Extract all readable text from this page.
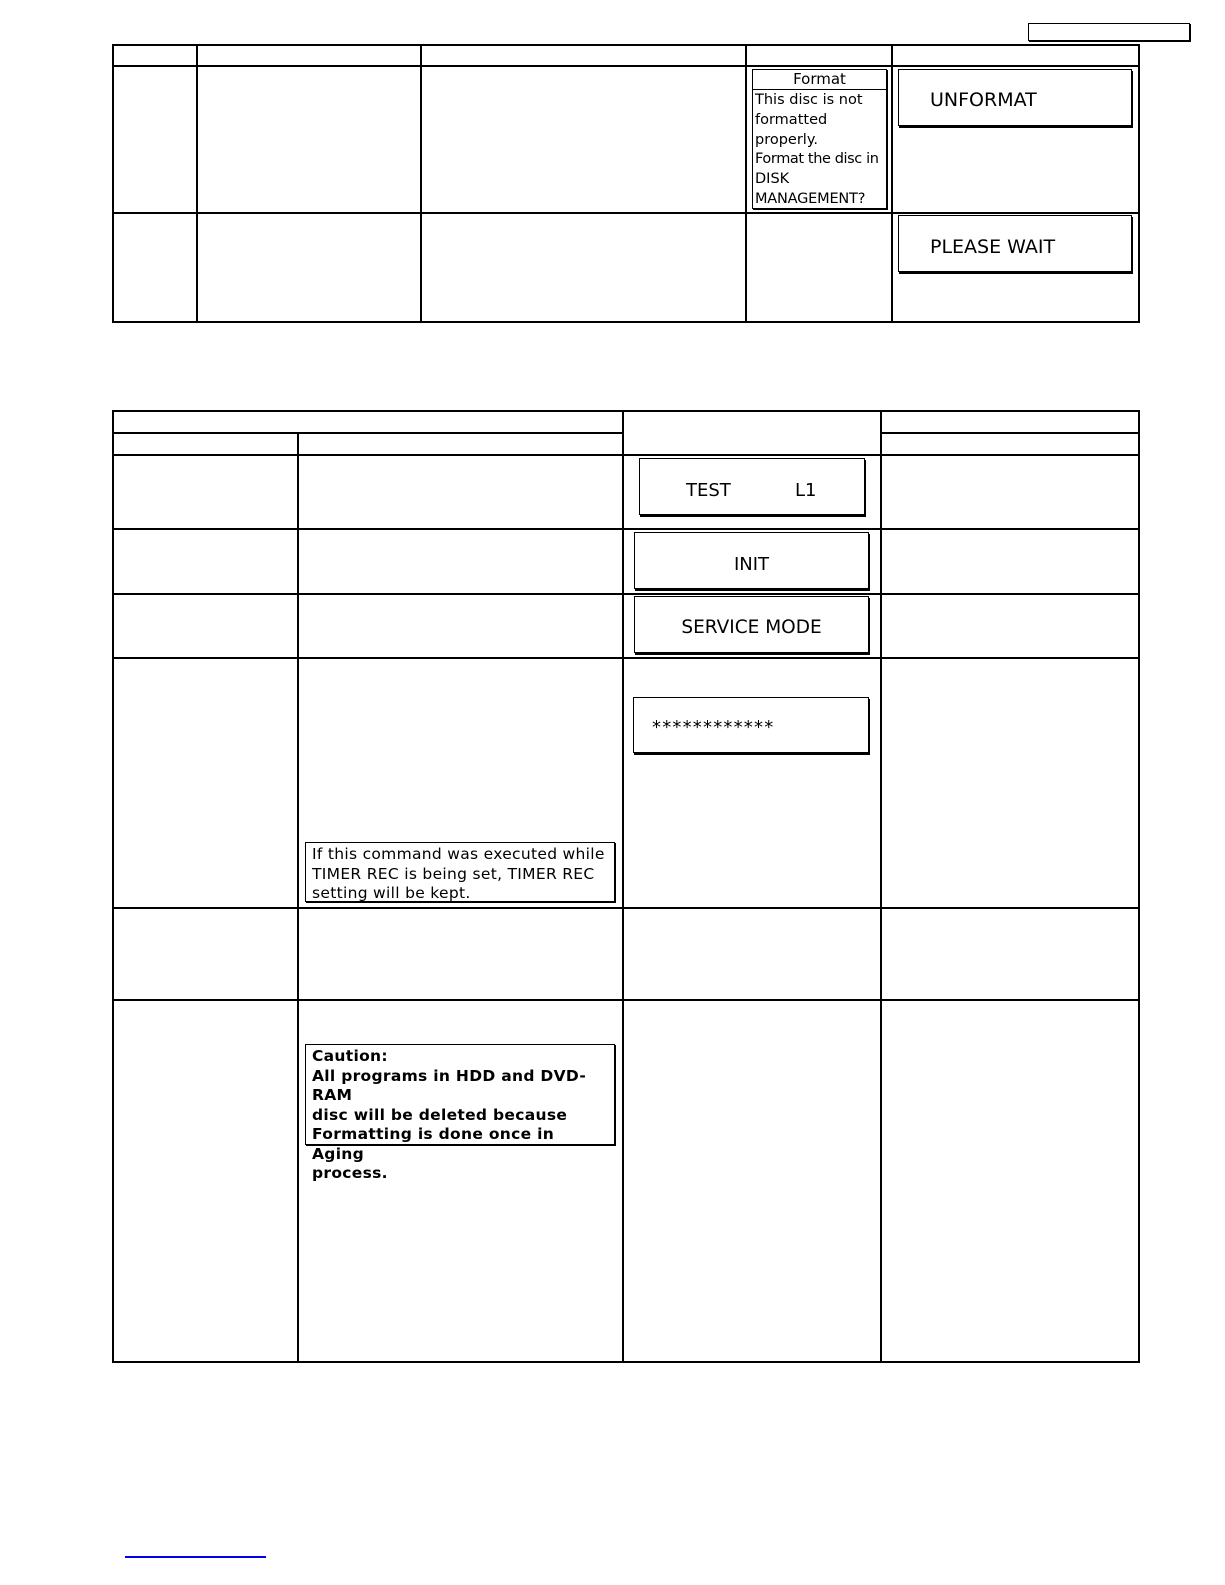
Format
This disc is not
formatted
properly.
Format the disc in
DISK
MANAGEMENT?
UNFORMAT
PLEASE WAIT
TEST	L1
INIT
SERVICE MODE
************
If this command was executed while
TIMER REC is being set, TIMER REC
setting will be kept.
Caution:
All programs in HDD and DVD-RAM
disc will be deleted because
Formatting is done once in Aging
process.
